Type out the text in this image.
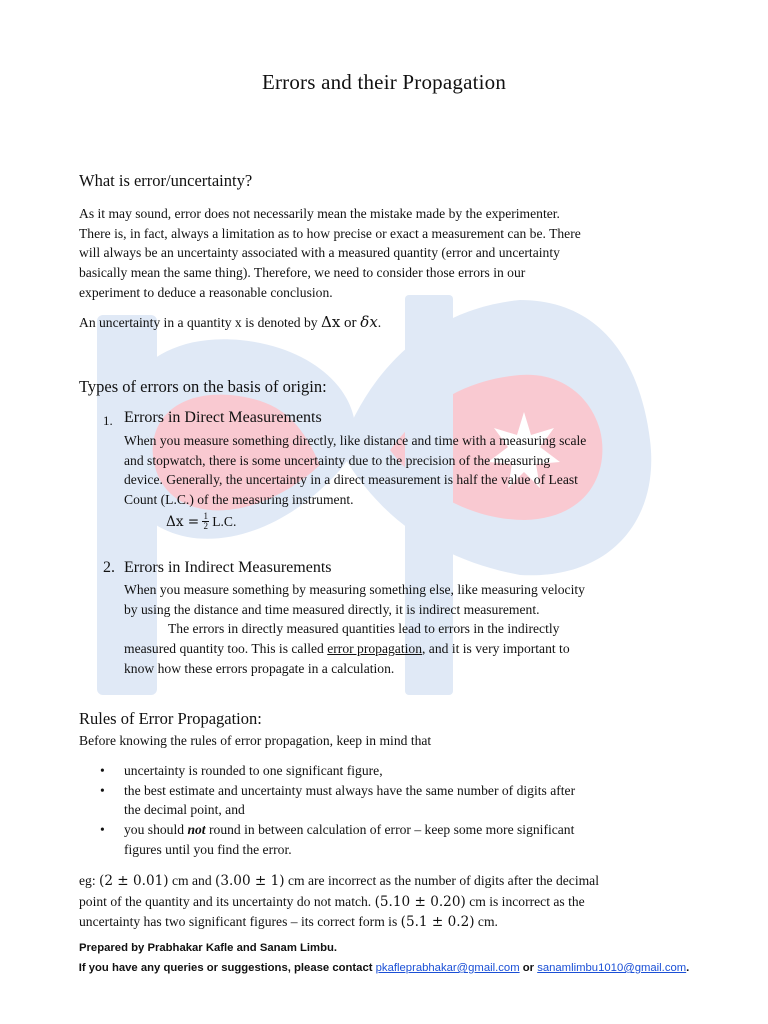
Errors and their Propagation
What is error/uncertainty?
As it may sound, error does not necessarily mean the mistake made by the experimenter.
There is, in fact, always a limitation as to how precise or exact a measurement can be. There
will always be an uncertainty associated with a measured quantity (error and uncertainty
basically mean the same thing). Therefore, we need to consider those errors in our
experiment to deduce a reasonable conclusion.
An uncertainty in a quantity x is denoted by Δx or δx.
Types of errors on the basis of origin:
1. Errors in Direct Measurements
When you measure something directly, like distance and time with a measuring scale
and stopwatch, there is some uncertainty due to the precision of the measuring
device. Generally, the uncertainty in a direct measurement is half the value of Least
Count (L.C.) of the measuring instrument.
$\Delta x = \frac{1}{2} L.C$.
2. Errors in Indirect Measurements
When you measure something by measuring something else, like measuring velocity
by using the distance and time measured directly, it is indirect measurement.
The errors in directly measured quantities lead to errors in the indirectly
measured quantity too. This is called error propagation, and it is very important to
know how these errors propagate in a calculation.
Rules of Error Propagation:
Before knowing the rules of error propagation, keep in mind that
• uncertainty is rounded to one significant figure,
• the best estimate and uncertainty must always have the same number of digits after
the decimal point, and
• you should not round in between calculation of error – keep some more significant
figures until you find the error.
eg: (2 ± 0.01) cm and (3.00 ± 1) cm are incorrect as the number of digits after the decimal
point of the quantity and its uncertainty do not match. (5.10 ± 0.20) cm is incorrect as the
uncertainty has two significant figures – its correct form is (5.1 ± 0.2) cm.
Prepared by Prabhakar Kafle and Sanam Limbu.
If you have any queries or suggestions, please contact pkafleprabhakar@gmail.com or sanamlimbu1010@gmail.com.
